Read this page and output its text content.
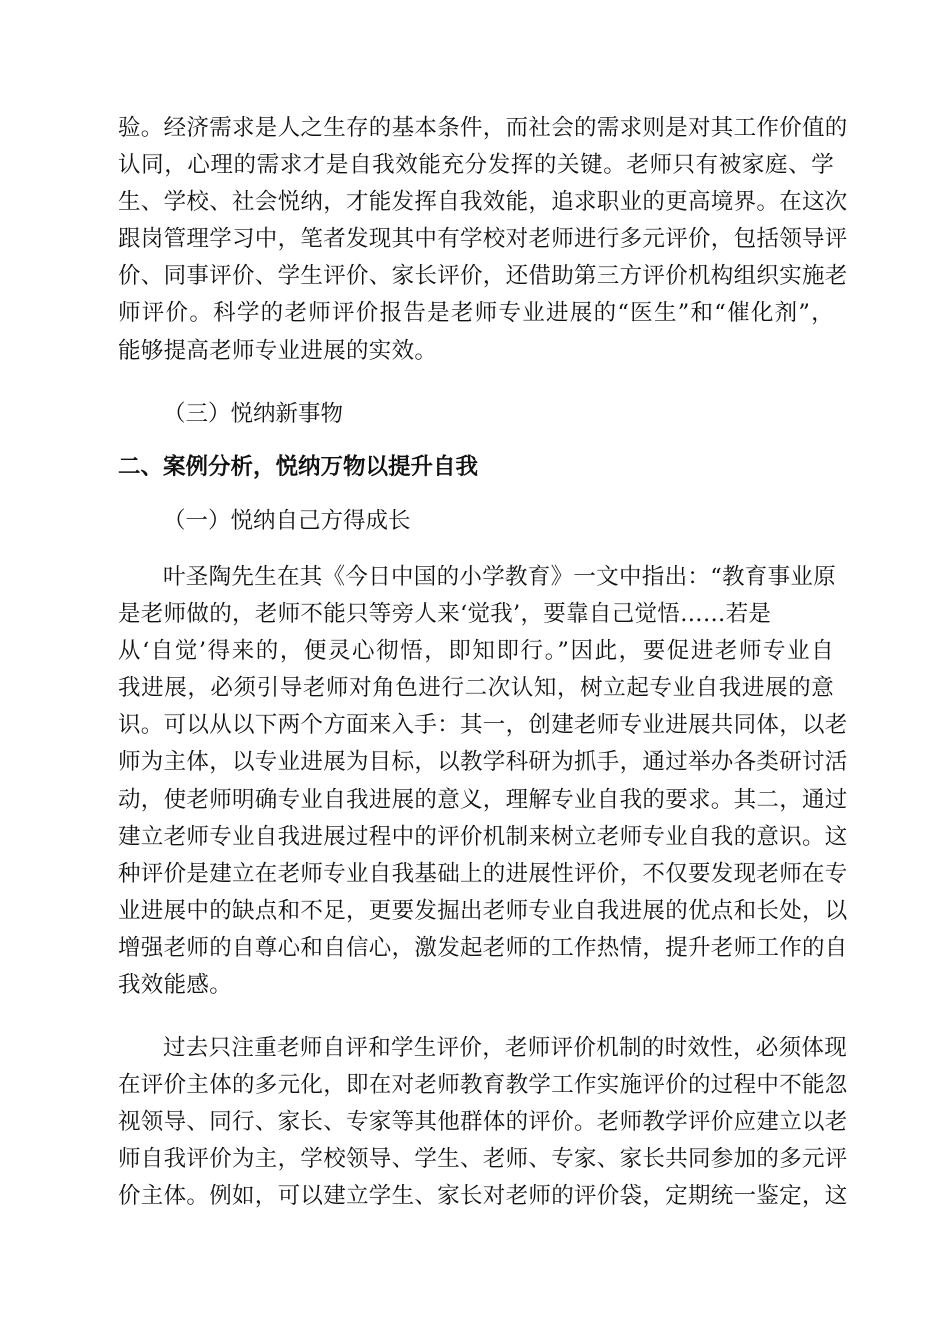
验。经济需求是人之生存的基本条件，而社会的需求则是对其工作价值的
认同，心理的需求才是自我效能充分发挥的关键。老师只有被家庭、学
生、学校、社会悦纳，才能发挥自我效能，追求职业的更高境界。在这次
跟岗管理学习中，笔者发现其中有学校对老师进行多元评价，包括领导评
价、同事评价、学生评价、家长评价，还借助第三方评价机构组织实施老
师评价。科学的老师评价报告是老师专业进展的“医生”和“催化剂”，
能够提高老师专业进展的实效。
（三）悦纳新事物
二、案例分析，悦纳万物以提升自我
（一）悦纳自己方得成长
叶圣陶先生在其《今日中国的小学教育》一文中指出：“教育事业原
是老师做的，老师不能只等旁人来‘觉我’，要靠自己觉悟……若是
从‘自觉’得来的，便灵心彻悟，即知即行。”因此，要促进老师专业自
我进展，必须引导老师对角色进行二次认知，树立起专业自我进展的意
识。可以从以下两个方面来入手：其一，创建老师专业进展共同体，以老
师为主体，以专业进展为目标，以教学科研为抓手，通过举办各类研讨活
动，使老师明确专业自我进展的意义，理解专业自我的要求。其二，通过
建立老师专业自我进展过程中的评价机制来树立老师专业自我的意识。这
种评价是建立在老师专业自我基础上的进展性评价，不仅要发现老师在专
业进展中的缺点和不足，更要发掘出老师专业自我进展的优点和长处，以
增强老师的自尊心和自信心，激发起老师的工作热情，提升老师工作的自
我效能感。
过去只注重老师自评和学生评价，老师评价机制的时效性，必须体现
在评价主体的多元化，即在对老师教育教学工作实施评价的过程中不能忽
视领导、同行、家长、专家等其他群体的评价。老师教学评价应建立以老
师自我评价为主，学校领导、学生、老师、专家、家长共同参加的多元评
价主体。例如，可以建立学生、家长对老师的评价袋，定期统一鉴定，这
